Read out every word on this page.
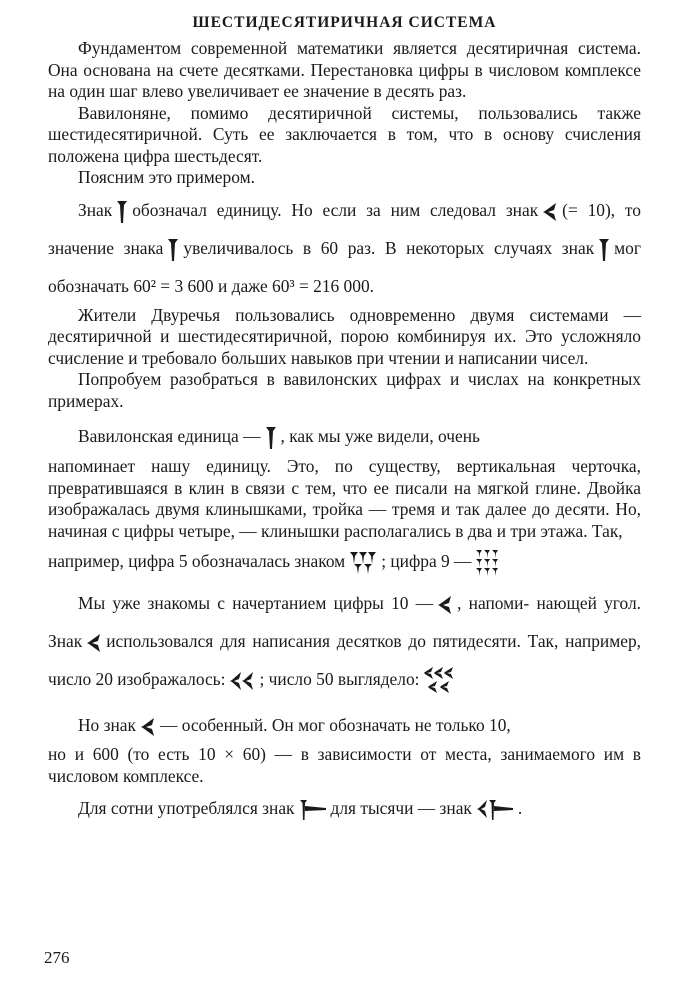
ШЕСТИДЕСЯТИРИЧНАЯ СИСТЕМА

Фундаментом современной математики является десятиричная система. Она основана на счете десятками. Перестановка цифры в числовом комплексе на один шаг влево увеличивает ее значение в десять раз.

Вавилоняне, помимо десятиричной системы, пользовались также шестидесятиричной. Суть ее заключается в том, что в основу счисления положена цифра шестьдесят.

Поясним это примером.

Знак обозначал единицу. Но если за ним следовал знак (= 10), то значение знака увеличивалось в 60 раз. В некоторых случаях знак мог обозначать 60² = 3 600 и даже 60³ = 216 000.

Жители Двуречья пользовались одновременно двумя системами — десятиричной и шестидесятиричной, порою комбинируя их. Это усложняло счисление и требовало больших навыков при чтении и написании чисел.

Попробуем разобраться в вавилонских цифрах и числах на конкретных примерах.

Вавилонская единица — , как мы уже видели, очень
напоминает нашу единицу. Это, по существу, вертикальная черточка, превратившаяся в клин в связи с тем, что ее писали на мягкой глине. Двойка изображалась двумя клинышками, тройка — тремя и так далее до десяти. Но, начиная с цифры четыре, — клинышки располагались в два и три этажа. Так,
например, цифра 5 обозначалась знаком ; цифра 9 —

Мы уже знакомы с начертанием цифры 10 — , напоми- нающей угол. Знак использовался для написания десятков до пятидесяти. Так, например, число 20 изображалось: ; число 50 выглядело:

Но знак — особенный. Он мог обозначать не только 10,
но и 600 (то есть 10 × 60) — в зависимости от места, занимаемого им в числовом комплексе.

Для сотни употреблялся знак для тысячи — знак	.

276
